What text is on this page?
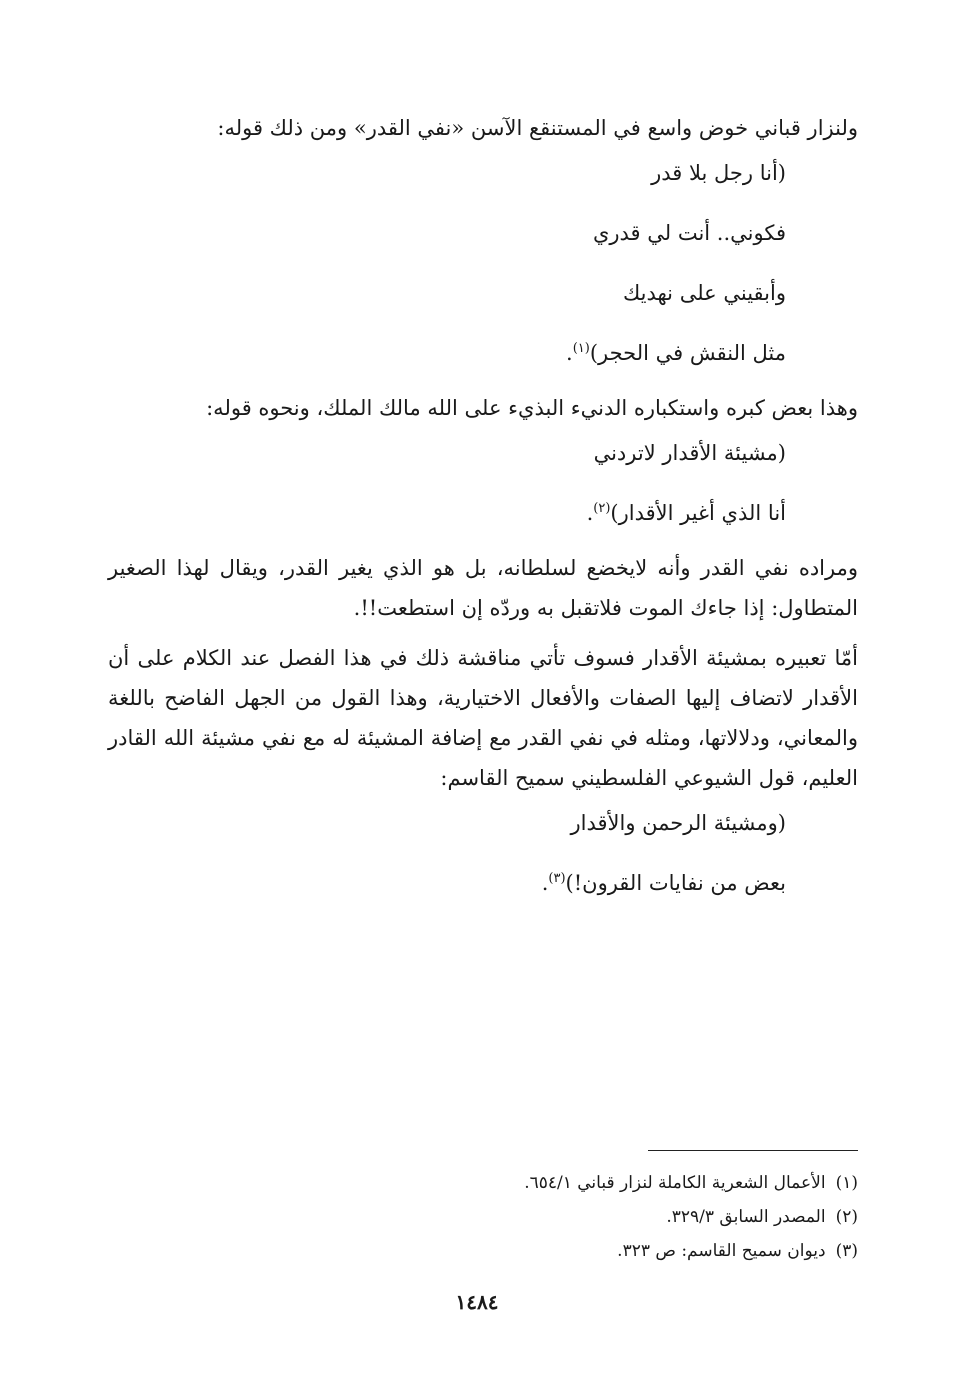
ولنزار قباني خوض واسع في المستنقع الآسن «نفي القدر» ومن ذلك قوله:

(أنا رجل بلا قدر
فكوني.. أنت لي قدري
وأبقيني على نهديك
مثل النقش في الحجر)$^{(١)}$.

وهذا بعض كبره واستكباره الدنيء البذيء على الله مالك الملك، ونحوه قوله:

(مشيئة الأقدار لاتردني
أنا الذي أغير الأقدار)$^{(٢)}$.

ومراده نفي القدر وأنه لايخضع لسلطانه، بل هو الذي يغير القدر، ويقال لهذا الصغير المتطاول: إذا جاءك الموت فلاتقبل به وردّه إن استطعت!!.

أمّا تعبيره بمشيئة الأقدار فسوف تأتي مناقشة ذلك في هذا الفصل عند الكلام على أن الأقدار لاتضاف إليها الصفات والأفعال الاختيارية، وهذا القول من الجهل الفاضح باللغة والمعاني، ودلالاتها، ومثله في نفي القدر مع إضافة المشيئة له مع نفي مشيئة الله القادر العليم، قول الشيوعي الفلسطيني سميح القاسم:

(ومشيئة الرحمن والأقدار
بعض من نفايات القرون!)$^{(٣)}$.
(١)
الأعمال الشعرية الكاملة لنزار قباني ٦٥٤/١.
(٢)
المصدر السابق ٣٢٩/٣.
(٣)
ديوان سميح القاسم: ص ٣٢٣.
١٤٨٤
